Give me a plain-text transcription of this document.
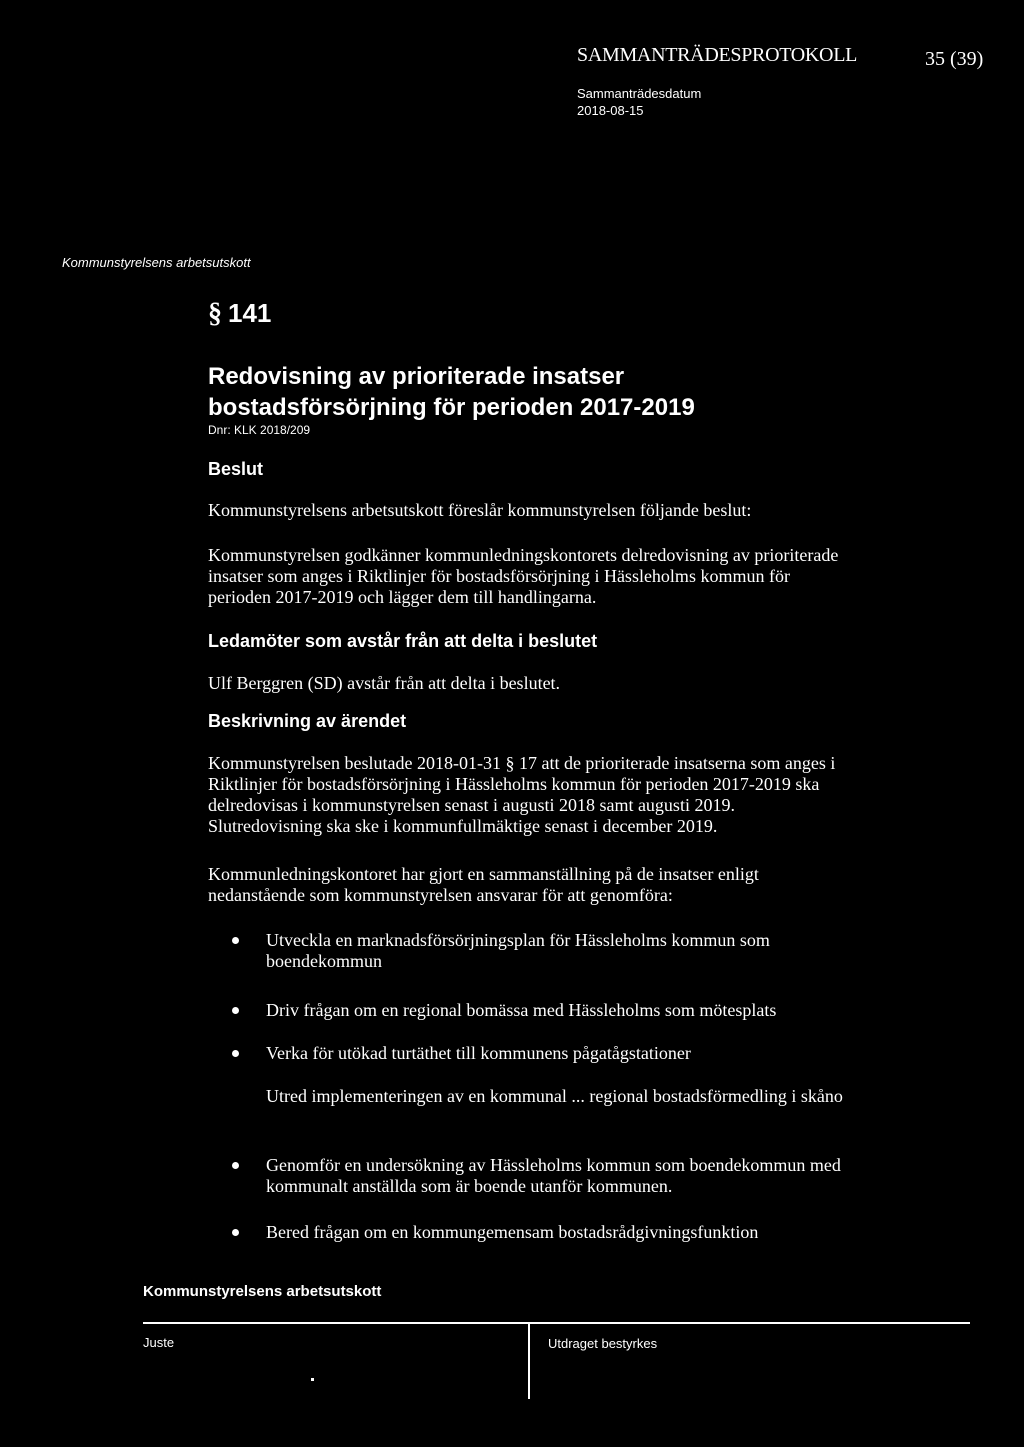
SAMMANTRÄDESPROTOKOLL	35 (39)
Sammanträdesdatum
2018-08-15
Kommunstyrelsens arbetsutskott
§ 141
Redovisning av prioriterade insatser
bostadsförsörjning för perioden 2017-2019
Dnr: KLK 2018/209
Beslut
Kommunstyrelsens arbetsutskott föreslår kommunstyrelsen följande beslut:
Kommunstyrelsen godkänner kommunledningskontorets delredovisning av prioriterade insatser som anges i Riktlinjer för bostadsförsörjning i Hässleholms kommun för perioden 2017-2019 och lägger dem till handlingarna.
Ledamöter som avstår från att delta i beslutet
Ulf Berggren (SD) avstår från att delta i beslutet.
Beskrivning av ärendet
Kommunstyrelsen beslutade 2018-01-31 § 17 att de prioriterade insatserna som anges i Riktlinjer för bostadsförsörjning i Hässleholms kommun för perioden 2017-2019 ska delredovisas i kommunstyrelsen senast i augusti 2018 samt augusti 2019. Slutredovisning ska ske i kommunfullmäktige senast i december 2019.
Kommunledningskontoret har gjort en sammanställning på de insatser enligt nedanstående som kommunstyrelsen ansvarar för att genomföra:
Utveckla en marknadsförsörjningsplan för Hässleholms kommun som boendekommun
Driv frågan om en regional bomässa med Hässleholms som mötesplats
Verka för utökad turtäthet till kommunens pågatågstationer
Utred implementeringen av en kommunal ... regional bostadsförmedling i skåno
Genomför en undersökning av Hässleholms kommun som boendekommun med kommunalt anställda som är boende utanför kommunen.
Bered frågan om en kommungemensam bostadsrådgivningsfunktion
Kommunstyrelsens arbetsutskott
Juste	Utdraget bestyrkes
